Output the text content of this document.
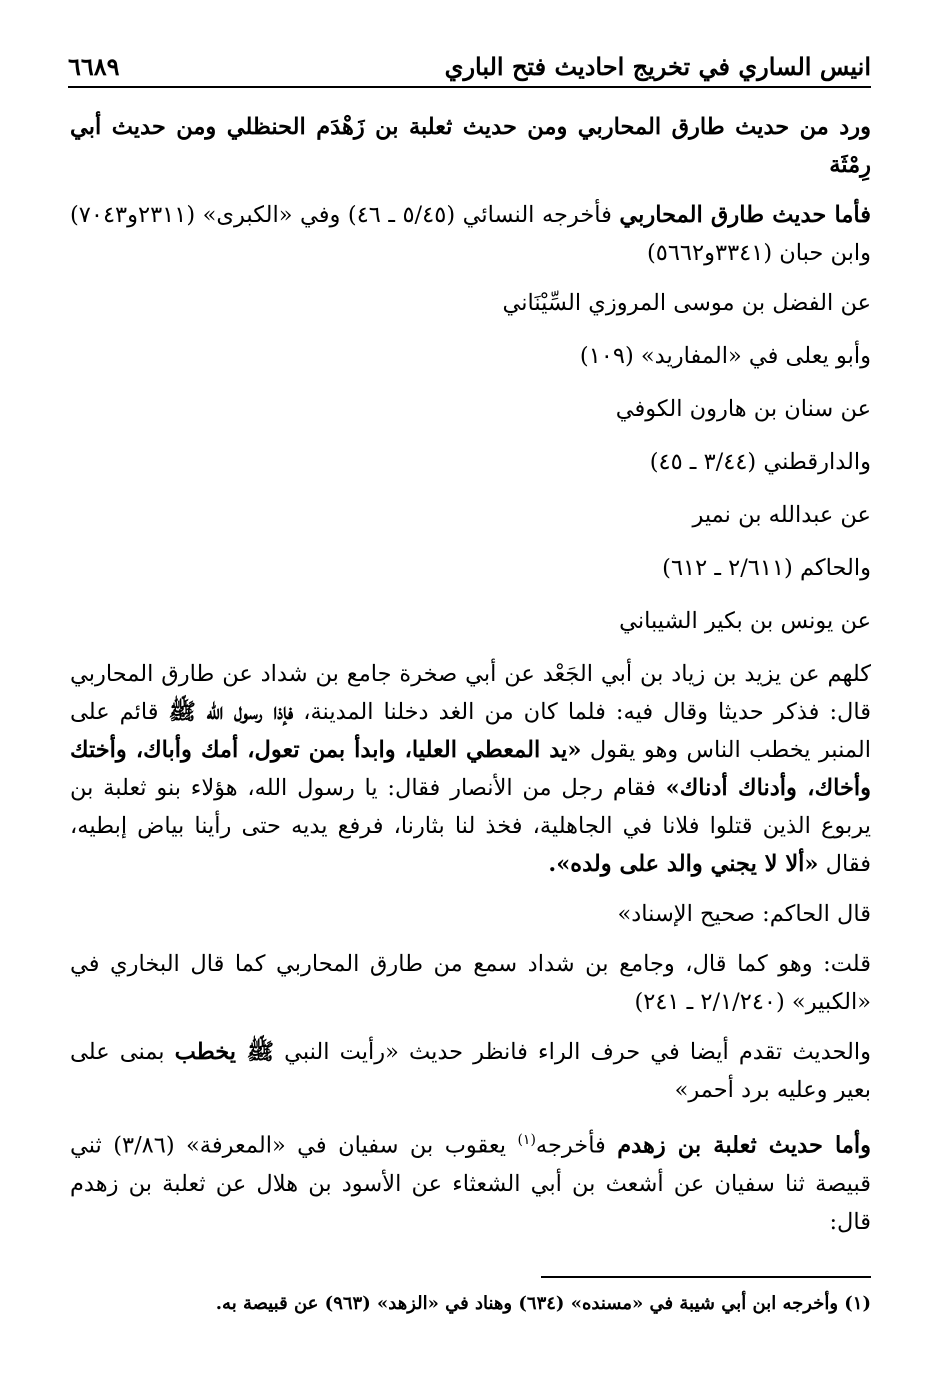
انيس الساري في تخريج احاديث فتح الباري
٦٦٨٩

ورد من حديث طارق المحاربي ومن حديث ثعلبة بن زَهْدَم الحنظلي ومن حديث أبي رِمْثَة

فأما حديث طارق المحاربي فأخرجه النسائي (٥/٤٥ ـ ٤٦) وفي «الكبرى» (٢٣١١و٧٠٤٣) وابن حبان (٣٣٤١و٥٦٦٢)

عن الفضل بن موسى المروزي السِّيْنَاني

وأبو يعلى في «المفاريد» (١٠٩)

عن سنان بن هارون الكوفي

والدارقطني (٣/٤٤ ـ ٤٥)

عن عبدالله بن نمير

والحاكم (٢/٦١١ ـ ٦١٢)

عن يونس بن بكير الشيباني

كلهم عن يزيد بن زياد بن أبي الجَعْد عن أبي صخرة جامع بن شداد عن طارق المحاربي قال: فذكر حديثا وقال فيه: فلما كان من الغد دخلنا المدينة، فإذا رسول الله ﷺ قائم على المنبر يخطب الناس وهو يقول «يد المعطي العليا، وابدأ بمن تعول، أمك وأباك، وأختك وأخاك، وأدناك أدناك» فقام رجل من الأنصار فقال: يا رسول الله، هؤلاء بنو ثعلبة بن يربوع الذين قتلوا فلانا في الجاهلية، فخذ لنا بثارنا، فرفع يديه حتى رأينا بياض إبطيه، فقال «ألا لا يجني والد على ولده».

قال الحاكم: صحيح الإسناد»

قلت: وهو كما قال، وجامع بن شداد سمع من طارق المحاربي كما قال البخاري في «الكبير» (٢/١/٢٤٠ ـ ٢٤١)

والحديث تقدم أيضا في حرف الراء فانظر حديث «رأيت النبي ﷺ يخطب بمنى على بعير وعليه برد أحمر»

وأما حديث ثعلبة بن زهدم فأخرجه$^{(١)}$ يعقوب بن سفيان في «المعرفة» (٣/٨٦) ثني قبيصة ثنا سفيان عن أشعث بن أبي الشعثاء عن الأسود بن هلال عن ثعلبة بن زهدم قال:

(١) وأخرجه ابن أبي شيبة في «مسنده» (٦٣٤) وهناد في «الزهد» (٩٦٣) عن قبيصة به.
